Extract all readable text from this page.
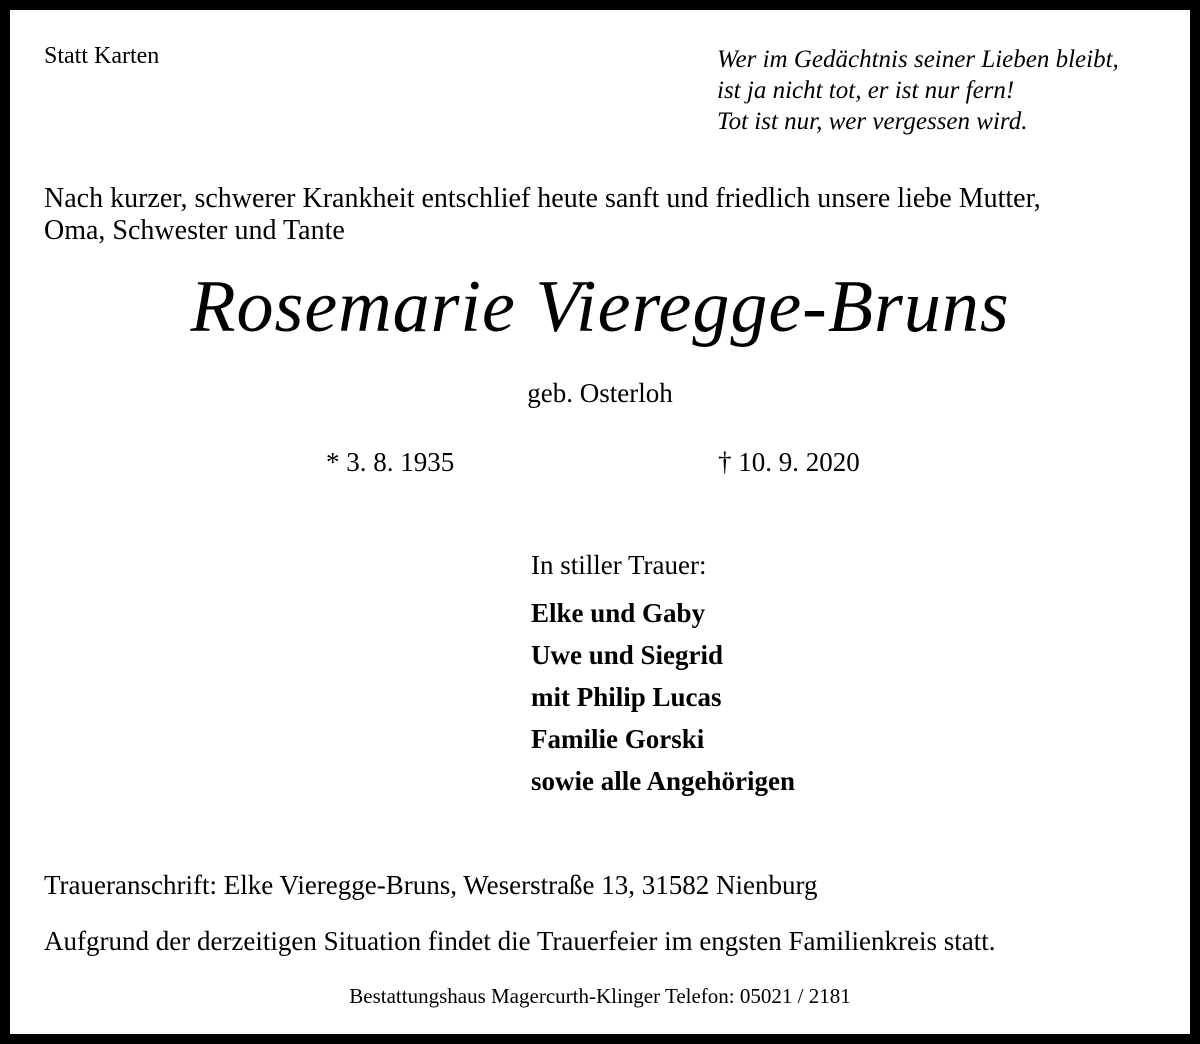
Statt Karten	Wer im Gedächtnis seiner Lieben bleibt,
ist ja nicht tot, er ist nur fern!
Tot ist nur, wer vergessen wird.
Nach kurzer, schwerer Krankheit entschlief heute sanft und friedlich unsere liebe Mutter,
Oma, Schwester und Tante
Rosemarie Vieregge-Bruns
geb. Osterloh
* 3. 8. 1935	† 10. 9. 2020
In stiller Trauer:
Elke und Gaby
Uwe und Siegrid
mit Philip Lucas
Familie Gorski
sowie alle Angehörigen
Traueranschrift: Elke Vieregge-Bruns, Weserstraße 13, 31582 Nienburg
Aufgrund der derzeitigen Situation findet die Trauerfeier im engsten Familienkreis statt.
Bestattungshaus Magercurth-Klinger Telefon: 05021 / 2181
